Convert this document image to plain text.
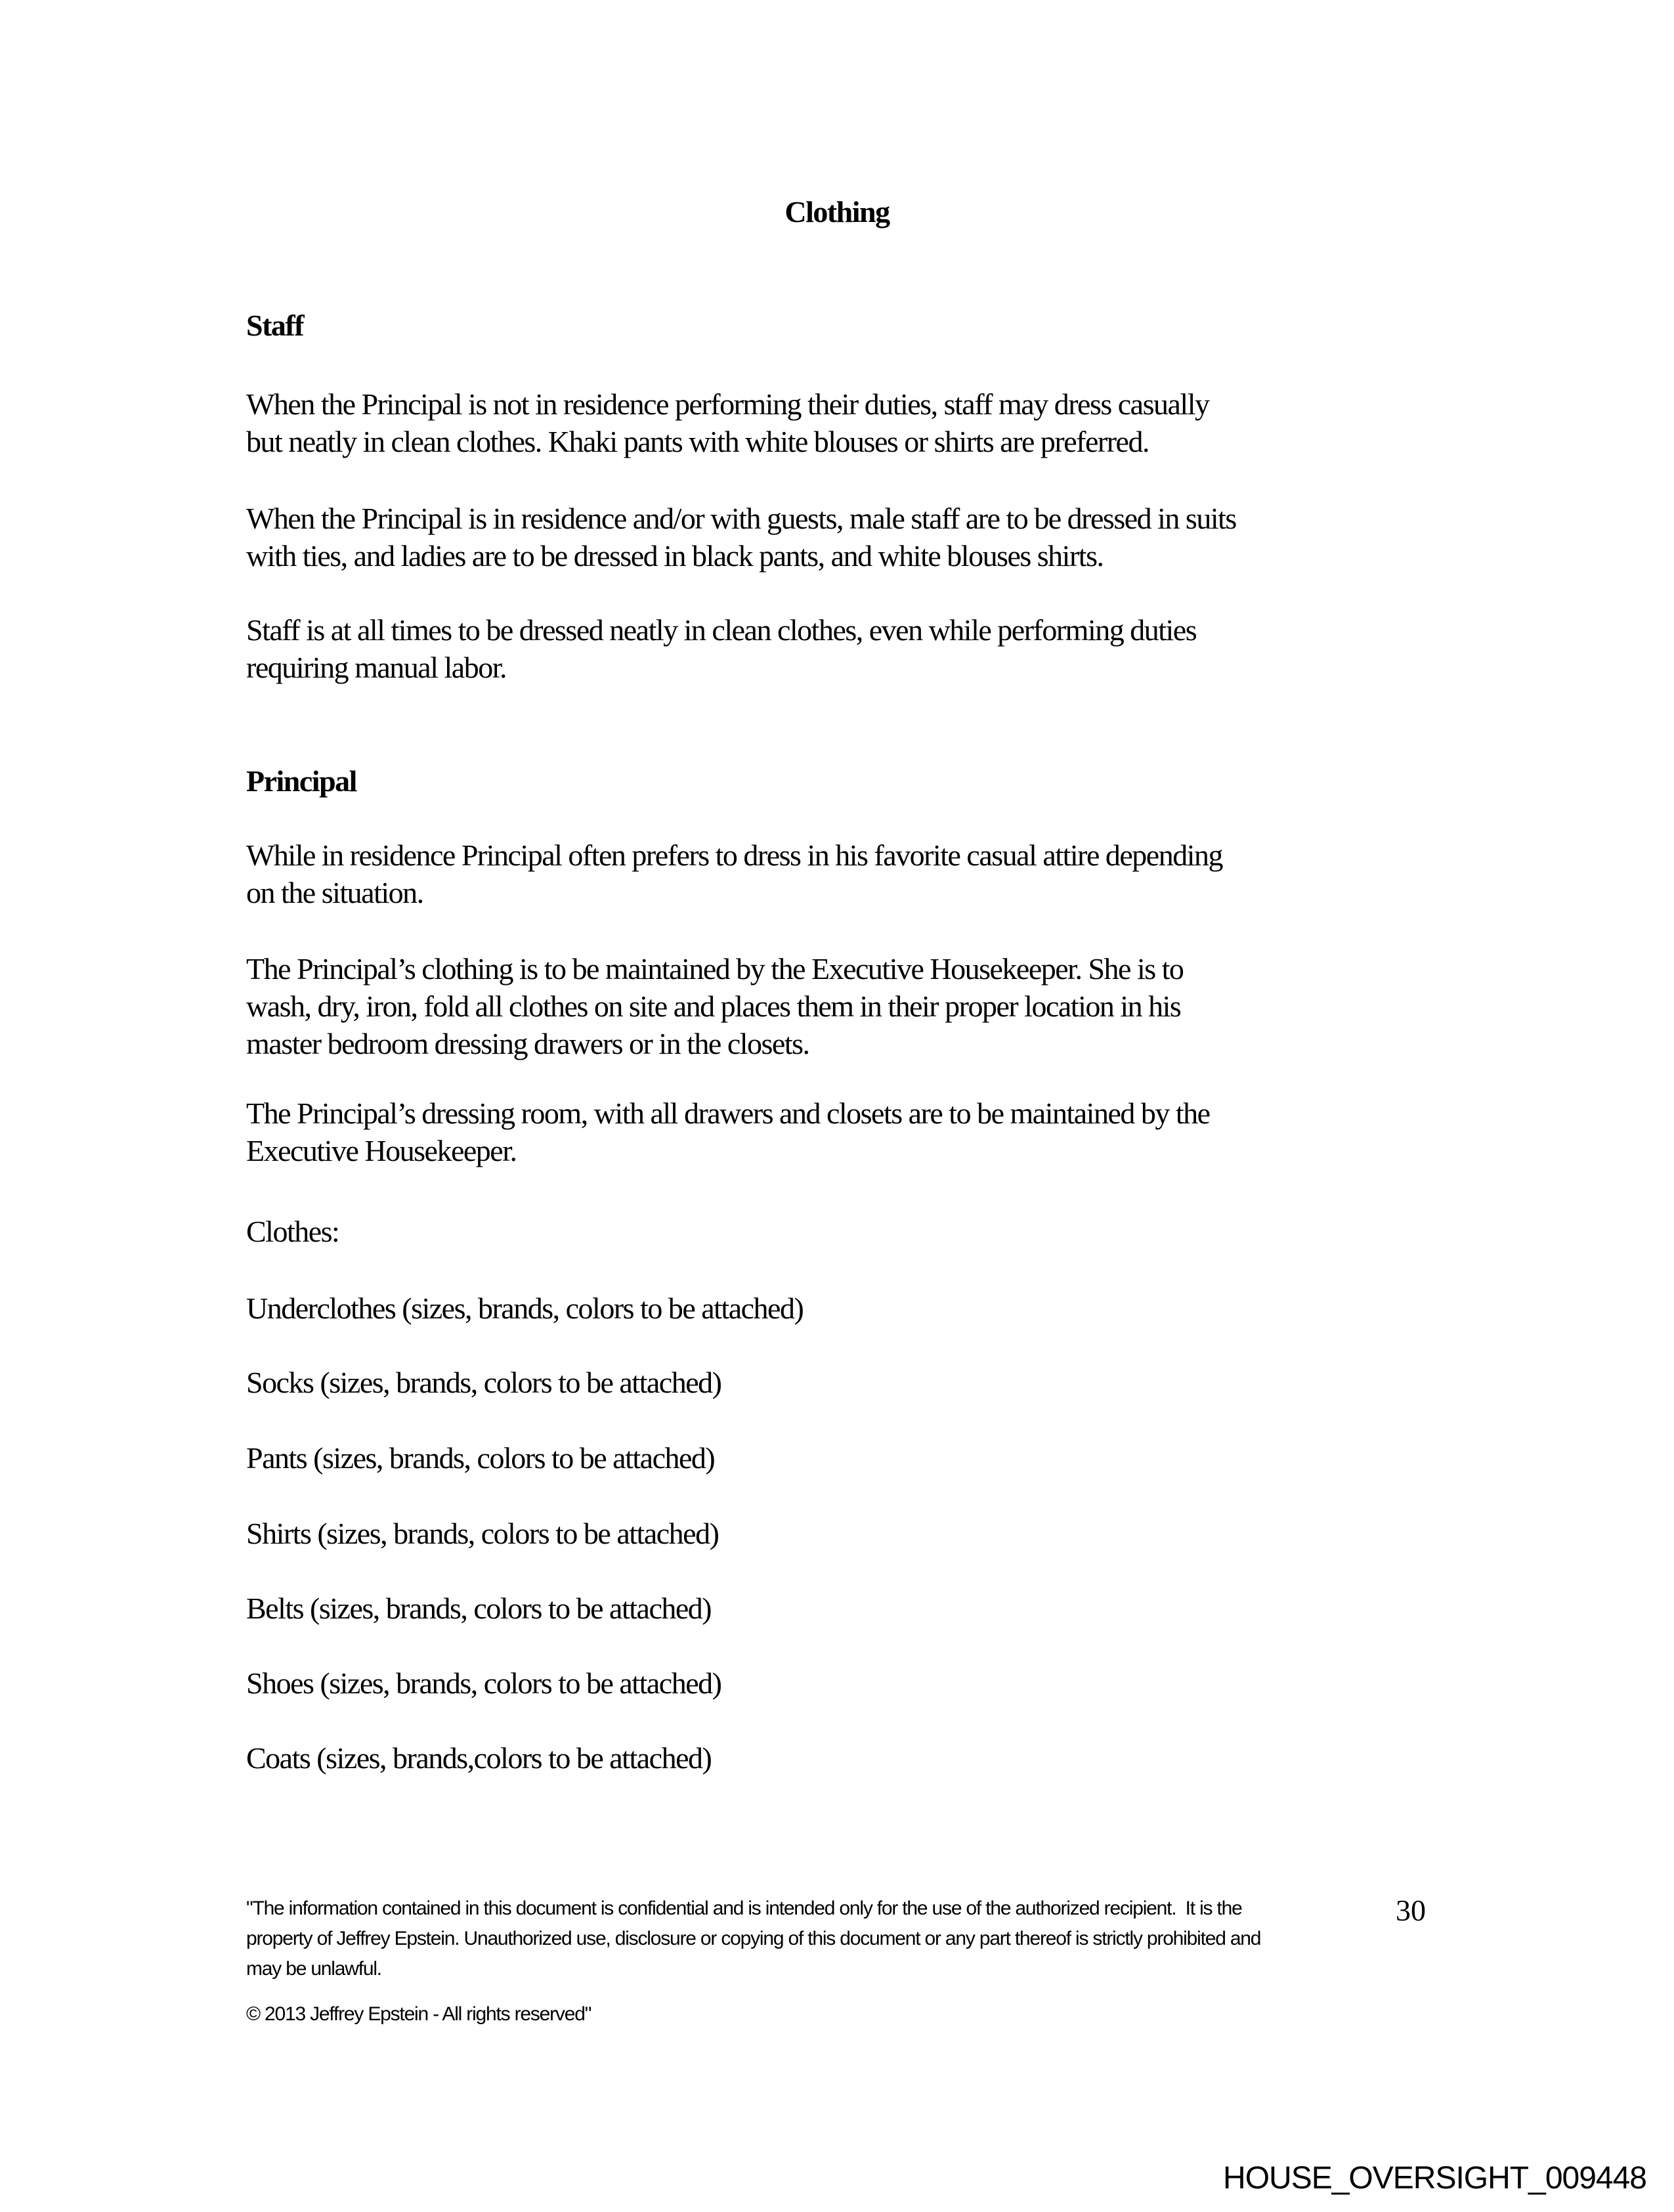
Clothing
Staff
When the Principal is not in residence performing their duties, staff may dress casually
but neatly in clean clothes. Khaki pants with white blouses or shirts are preferred.
When the Principal is in residence and/or with guests, male staff are to be dressed in suits
with ties, and ladies are to be dressed in black pants, and white blouses shirts.
Staff is at all times to be dressed neatly in clean clothes, even while performing duties
requiring manual labor.
Principal
While in residence Principal often prefers to dress in his favorite casual attire depending
on the situation.
The Principal’s clothing is to be maintained by the Executive Housekeeper. She is to
wash, dry, iron, fold all clothes on site and places them in their proper location in his
master bedroom dressing drawers or in the closets.
The Principal’s dressing room, with all drawers and closets are to be maintained by the
Executive Housekeeper.
Clothes:
Underclothes (sizes, brands, colors to be attached)
Socks (sizes, brands, colors to be attached)
Pants (sizes, brands, colors to be attached)
Shirts (sizes, brands, colors to be attached)
Belts (sizes, brands, colors to be attached)
Shoes (sizes, brands, colors to be attached)
Coats (sizes, brands,colors to be attached)
"The information contained in this document is confidential and is intended only for the use of the authorized recipient.  It is the
property of Jeffrey Epstein. Unauthorized use, disclosure or copying of this document or any part thereof is strictly prohibited and
may be unlawful.
30
© 2013 Jeffrey Epstein - All rights reserved"
HOUSE_OVERSIGHT_009448
